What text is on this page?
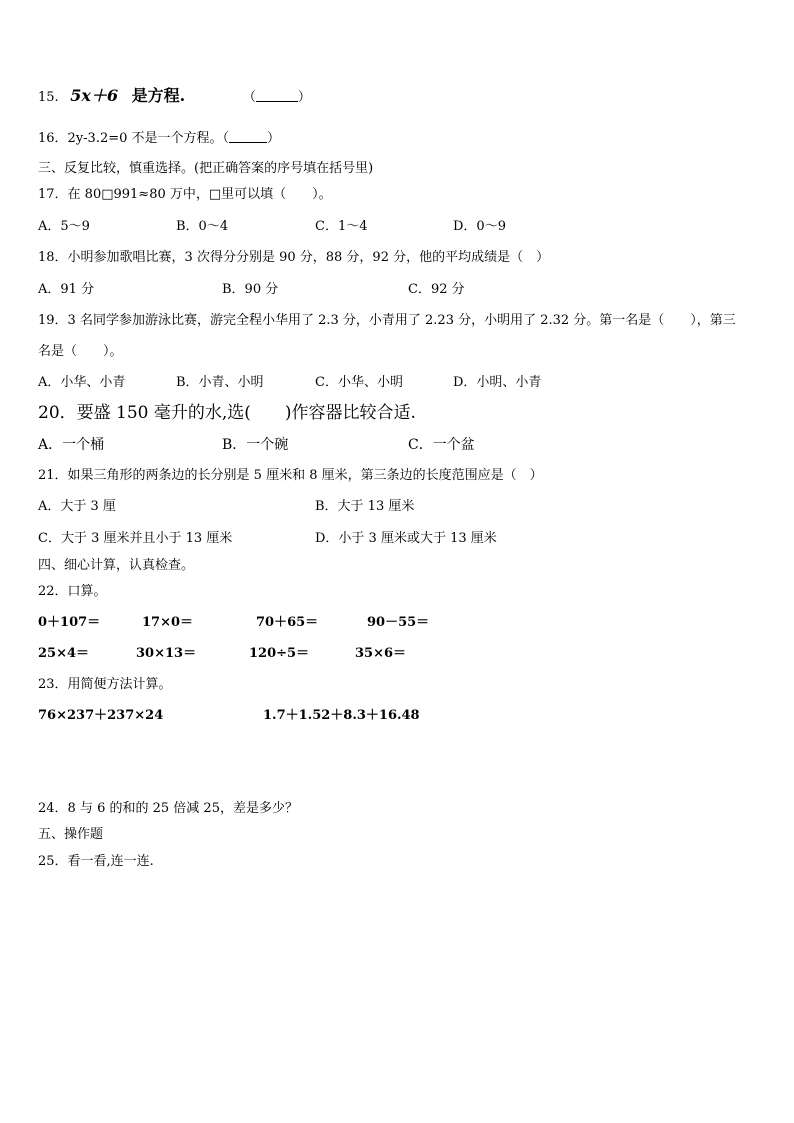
15. 5x＋6 是方程.	（	）
16．2y-3.2=0 不是一个方程。（	）
三、反复比较，慎重选择。(把正确答案的序号填在括号里)
17．在 80□991≈80 万中，□里可以填（　　）。
A．5～9	B．0～4	C．1～4	D．0～9
18．小明参加歌唱比赛，3 次得分分别是 90 分，88 分，92 分，他的平均成绩是（　）
A．91 分	B．90 分	C．92 分
19．3 名同学参加游泳比赛，游完全程小华用了 2.3 分，小青用了 2.23 分，小明用了 2.32 分。第一名是（　　），第三
名是（　　）。
A．小华、小青	B．小青、小明	C．小华、小明	D．小明、小青
20．要盛 150 毫升的水,选(　　)作容器比较合适.
A．一个桶	B．一个碗	C．一个盆
21．如果三角形的两条边的长分别是 5 厘米和 8 厘米，第三条边的长度范围应是（　）
A．大于 3 厘	B．大于 13 厘米
C．大于 3 厘米并且小于 13 厘米	D．小于 3 厘米或大于 13 厘米
四、细心计算，认真检查。
22．口算。
0＋107＝	17×0＝	70＋65＝	90－55＝
25×4＝	30×13＝	120÷5＝	35×6＝
23．用简便方法计算。
76×237＋237×24	1.7＋1.52＋8.3＋16.48
24．8 与 6 的和的 25 倍减 25，差是多少？
五、操作题
25．看一看,连一连.
